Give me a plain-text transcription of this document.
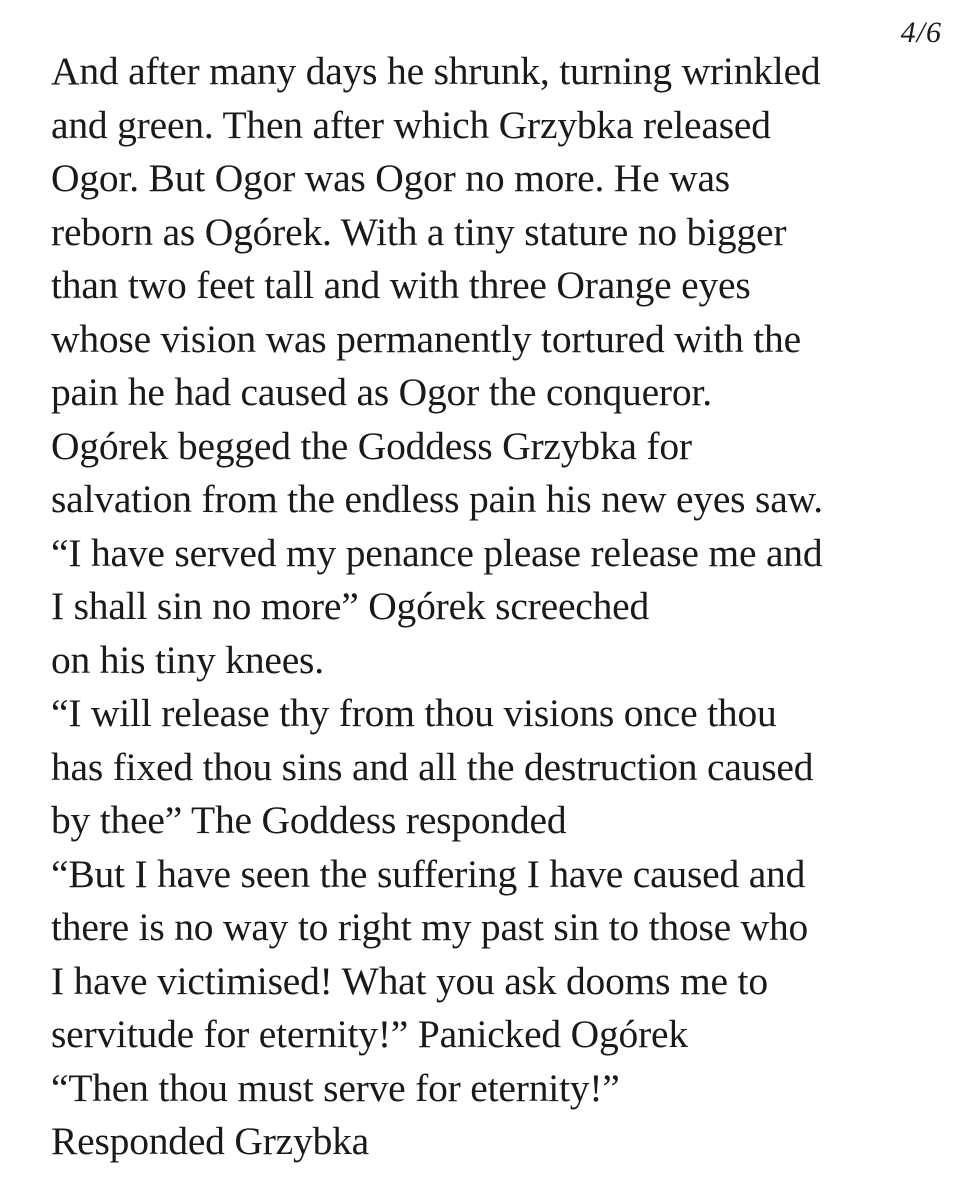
4/6
And after many days he shrunk, turning wrinkled
and green. Then after which Grzybka released
Ogor. But Ogor was Ogor no more. He was
reborn as Ogórek. With a tiny stature no bigger
than two feet tall and with three Orange eyes
whose vision was permanently tortured with the
pain he had caused as Ogor the conqueror.
Ogórek begged the Goddess Grzybka for
salvation from the endless pain his new eyes saw.
“I have served my penance please release me and
I shall sin no more” Ogórek screeched
on his tiny knees.
“I will release thy from thou visions once thou
has fixed thou sins and all the destruction caused
by thee” The Goddess responded
“But I have seen the suffering I have caused and
there is no way to right my past sin to those who
I have victimised! What you ask dooms me to
servitude for eternity!” Panicked Ogórek
“Then thou must serve for eternity!”
Responded Grzybka
